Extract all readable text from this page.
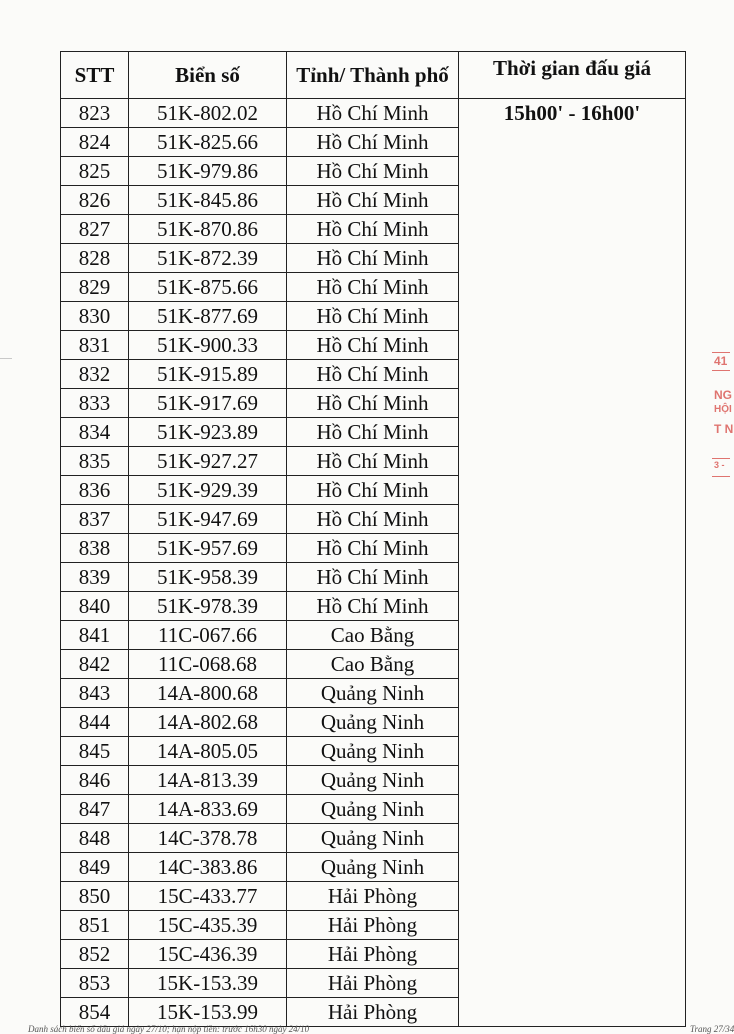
STT	Biển số	Tỉnh/ Thành phố	Thời gian đấu giá
823	51K-802.02	Hồ Chí Minh	15h00' - 16h00'
824	51K-825.66	Hồ Chí Minh	
825	51K-979.86	Hồ Chí Minh	
826	51K-845.86	Hồ Chí Minh	
827	51K-870.86	Hồ Chí Minh	
828	51K-872.39	Hồ Chí Minh	
829	51K-875.66	Hồ Chí Minh	
830	51K-877.69	Hồ Chí Minh	
831	51K-900.33	Hồ Chí Minh	
832	51K-915.89	Hồ Chí Minh	
833	51K-917.69	Hồ Chí Minh	
834	51K-923.89	Hồ Chí Minh	
835	51K-927.27	Hồ Chí Minh	
836	51K-929.39	Hồ Chí Minh	
837	51K-947.69	Hồ Chí Minh	
838	51K-957.69	Hồ Chí Minh	
839	51K-958.39	Hồ Chí Minh	
840	51K-978.39	Hồ Chí Minh	
841	11C-067.66	Cao Bằng	
842	11C-068.68	Cao Bằng	
843	14A-800.68	Quảng Ninh	
844	14A-802.68	Quảng Ninh	
845	14A-805.05	Quảng Ninh	
846	14A-813.39	Quảng Ninh	
847	14A-833.69	Quảng Ninh	
848	14C-378.78	Quảng Ninh	
849	14C-383.86	Quảng Ninh	
850	15C-433.77	Hải Phòng	
851	15C-435.39	Hải Phòng	
852	15C-436.39	Hải Phòng	
853	15K-153.39	Hải Phòng	
854	15K-153.99	Hải Phòng	
41
NG
HỘI
T N
3 -
Danh sách biển số đấu giá ngày 27/10; hạn nộp tiền: trước 16h30 ngày 24/10	Trang 27/34
